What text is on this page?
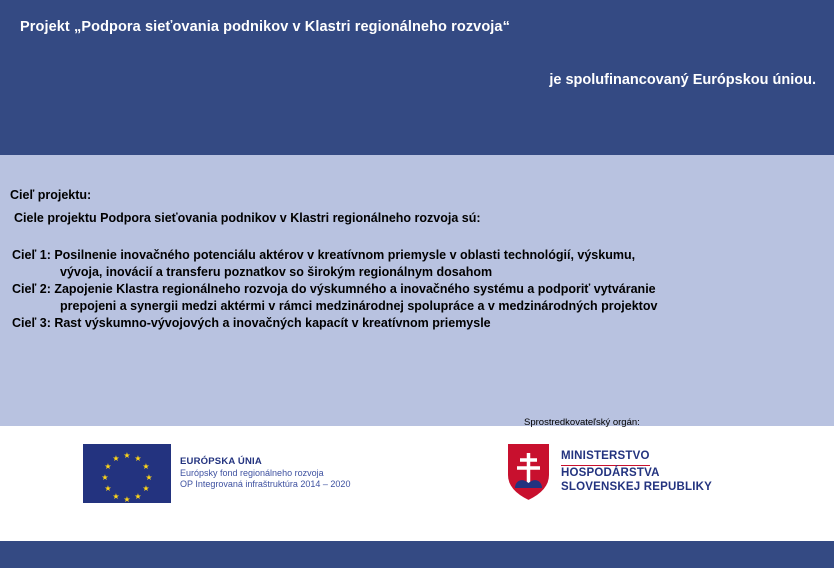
Projekt „Podpora sieťovania podnikov v Klastri regionálneho rozvoja“
je spolufinancovaný Európskou úniou.
Cieľ projektu:
Ciele projektu Podpora sieťovania podnikov v Klastri regionálneho rozvoja sú:
Cieľ 1: Posilnenie inovačného potenciálu aktérov v kreatívnom priemysle v oblasti technológií, výskumu,
vývoja, inovácií a transferu poznatkov so širokým regionálnym dosahom
Cieľ 2: Zapojenie Klastra regionálneho rozvoja do výskumného a inovačného systému a podporiť vytváranie
prepojeni a synergii medzi aktérmi v rámci medzinárodnej spolupráce a v medzinárodných projektov
Cieľ 3: Rast výskumno-vývojových a inovačných kapacít v kreatívnom priemysle
Sprostredkovateľský orgán:
★ ★
★
★
★
★
★
★
★
★
★
★	EURÓPSKA ÚNIA
Európsky fond regionálneho rozvoja
OP Integrovaná infraštruktúra 2014 – 2020
MINISTERSTVO
HOSPODÁRSTVA
SLOVENSKEJ REPUBLIKY
